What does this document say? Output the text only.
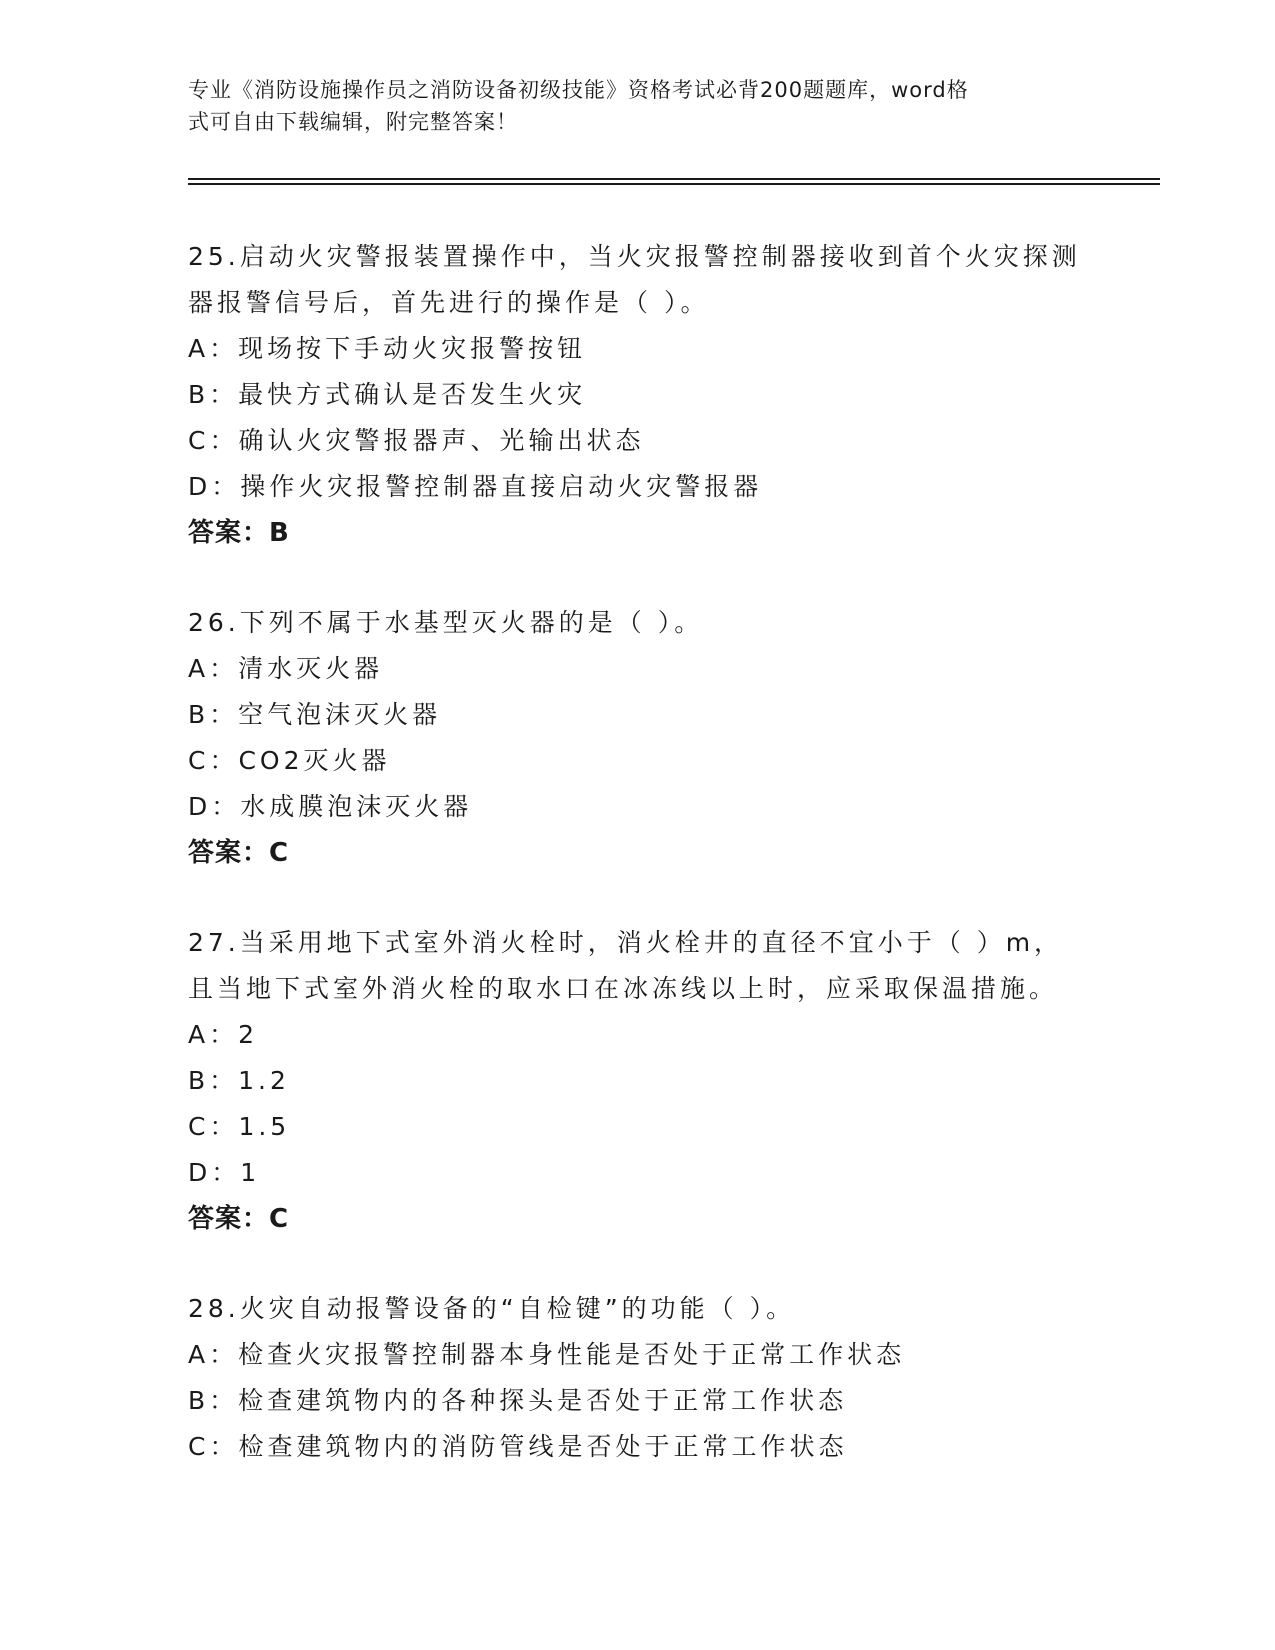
专业《消防设施操作员之消防设备初级技能》资格考试必背200题题库，word格
式可自由下载编辑，附完整答案！
25.启动火灾警报装置操作中，当火灾报警控制器接收到首个火灾探测
器报警信号后，首先进行的操作是（ ）。
A：现场按下手动火灾报警按钮
B：最快方式确认是否发生火灾
C：确认火灾警报器声、光输出状态
D：操作火灾报警控制器直接启动火灾警报器
答案：B
26.下列不属于水基型灭火器的是（ ）。
A：清水灭火器
B：空气泡沫灭火器
C：CO2灭火器
D：水成膜泡沫灭火器
答案：C
27.当采用地下式室外消火栓时，消火栓井的直径不宜小于（ ）m，
且当地下式室外消火栓的取水口在冰冻线以上时，应采取保温措施。
A：2
B：1.2
C：1.5
D：1
答案：C
28.火灾自动报警设备的“自检键”的功能（ ）。
A：检查火灾报警控制器本身性能是否处于正常工作状态
B：检查建筑物内的各种探头是否处于正常工作状态
C：检查建筑物内的消防管线是否处于正常工作状态
